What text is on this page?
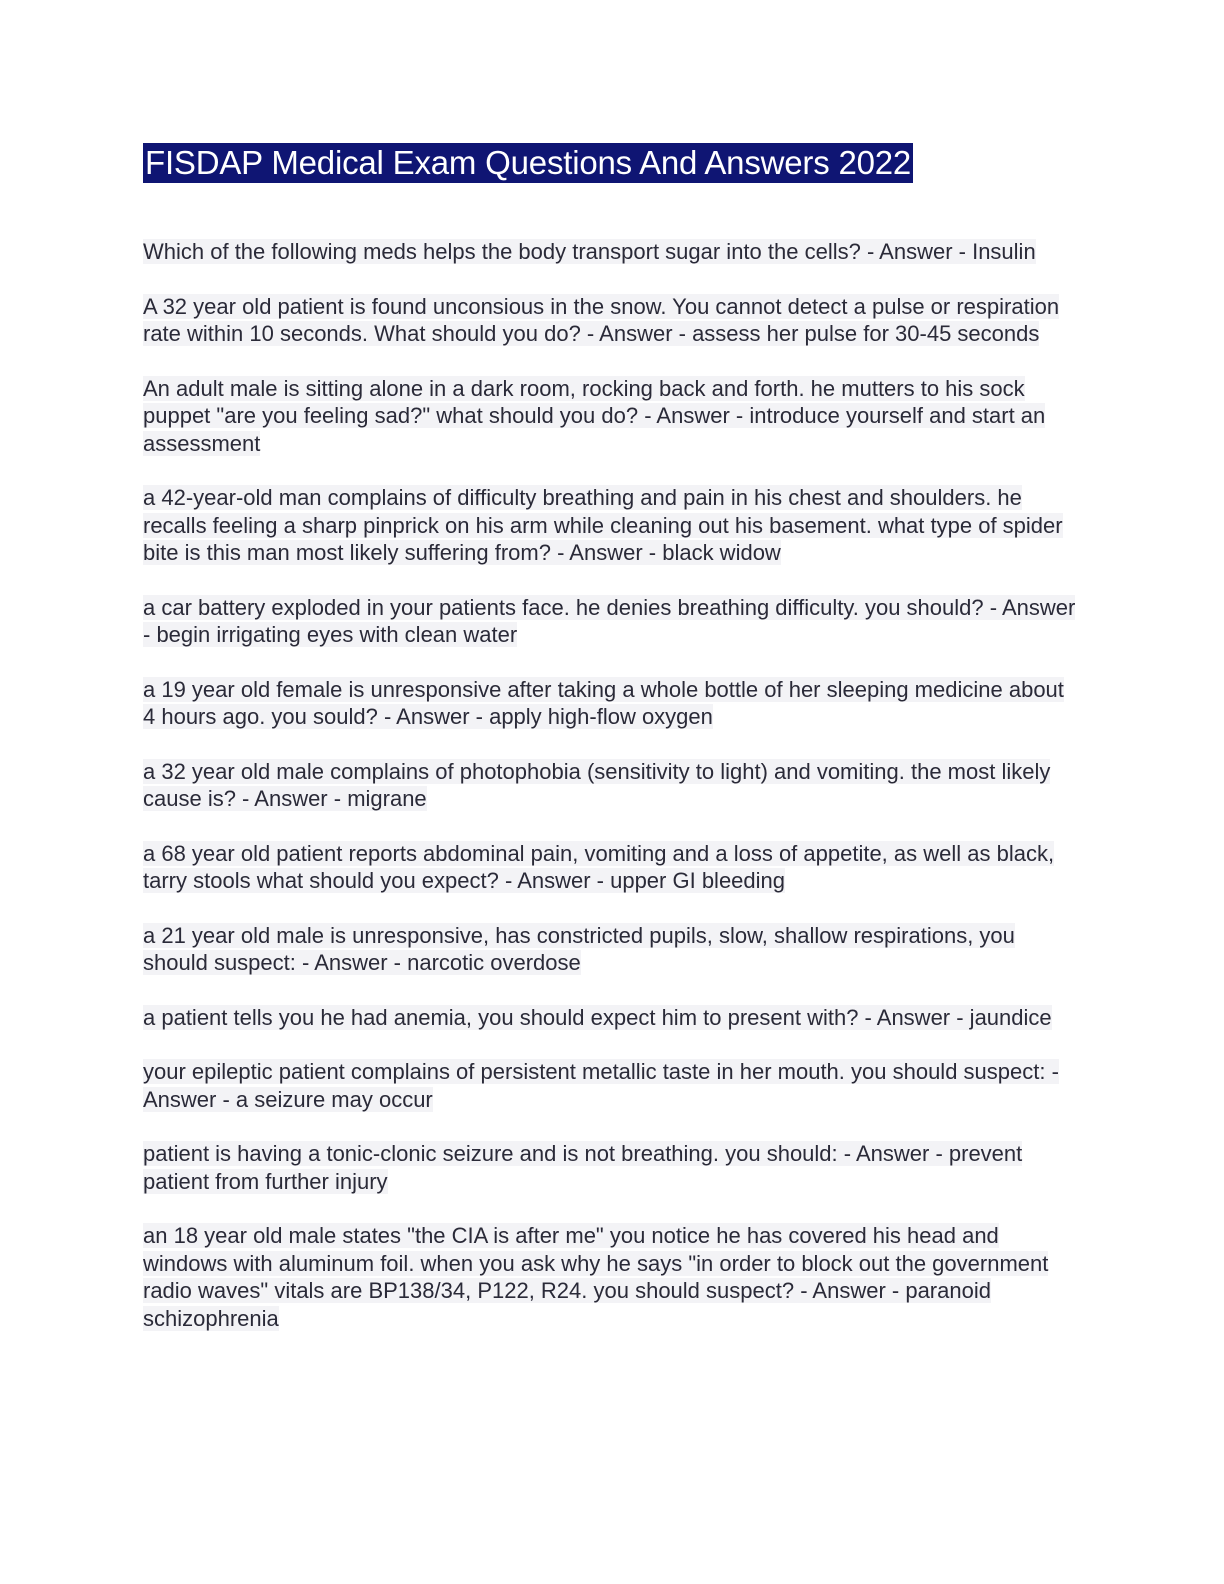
FISDAP Medical Exam Questions And Answers 2022

Which of the following meds helps the body transport sugar into the cells? - Answer - Insulin

A 32 year old patient is found unconsious in the snow. You cannot detect a pulse or respiration rate within 10 seconds. What should you do? - Answer - assess her pulse for 30-45 seconds

An adult male is sitting alone in a dark room, rocking back and forth. he mutters to his sock puppet "are you feeling sad?" what should you do? - Answer - introduce yourself and start an assessment

a 42-year-old man complains of difficulty breathing and pain in his chest and shoulders. he recalls feeling a sharp pinprick on his arm while cleaning out his basement. what type of spider bite is this man most likely suffering from? - Answer - black widow

a car battery exploded in your patients face. he denies breathing difficulty. you should? - Answer - begin irrigating eyes with clean water

a 19 year old female is unresponsive after taking a whole bottle of her sleeping medicine about 4 hours ago. you sould? - Answer - apply high-flow oxygen

a 32 year old male complains of photophobia (sensitivity to light) and vomiting. the most likely cause is? - Answer - migrane

a 68 year old patient reports abdominal pain, vomiting and a loss of appetite, as well as black, tarry stools what should you expect? - Answer - upper GI bleeding

a 21 year old male is unresponsive, has constricted pupils, slow, shallow respirations, you should suspect: - Answer - narcotic overdose

a patient tells you he had anemia, you should expect him to present with? - Answer - jaundice

your epileptic patient complains of persistent metallic taste in her mouth. you should suspect: - Answer - a seizure may occur

patient is having a tonic-clonic seizure and is not breathing. you should: - Answer - prevent patient from further injury

an 18 year old male states "the CIA is after me" you notice he has covered his head and windows with aluminum foil. when you ask why he says "in order to block out the government radio waves" vitals are BP138/34, P122, R24. you should suspect? - Answer - paranoid schizophrenia
